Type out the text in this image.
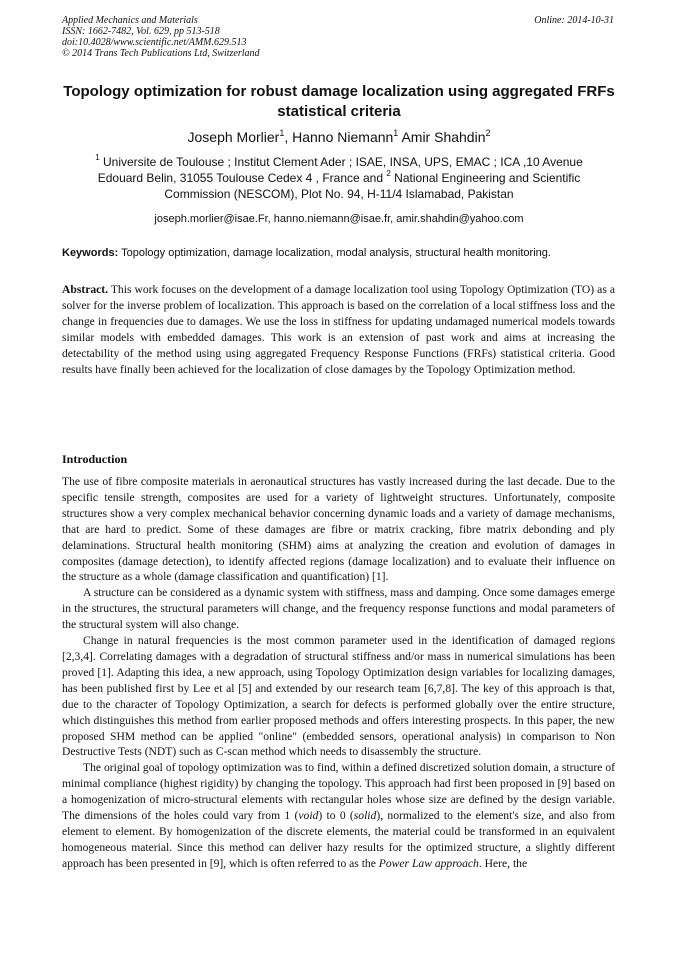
Applied Mechanics and Materials
ISSN: 1662-7482, Vol. 629, pp 513-518
doi:10.4028/www.scientific.net/AMM.629.513
© 2014 Trans Tech Publications Ltd, Switzerland
Online: 2014-10-31
Topology optimization for robust damage localization using aggregated FRFs statistical criteria
Joseph Morlier$^1$, Hanno Niemann$^1$ Amir Shahdin$^2$
$^1$ Universite de Toulouse ; Institut Clement Ader ; ISAE, INSA, UPS, EMAC ; ICA ,10 Avenue Edouard Belin, 31055 Toulouse Cedex 4 , France and $^2$ National Engineering and Scientific Commission (NESCOM), Plot No. 94, H-11/4 Islamabad, Pakistan
joseph.morlier@isae.Fr, hanno.niemann@isae.fr, amir.shahdin@yahoo.com
Keywords: Topology optimization, damage localization, modal analysis, structural health monitoring.

Abstract. This work focuses on the development of a damage localization tool using Topology Optimization (TO) as a solver for the inverse problem of localization. This approach is based on the correlation of a local stiffness loss and the change in frequencies due to damages. We use the loss in stiffness for updating undamaged numerical models towards similar models with embedded damages. This work is an extension of past work and aims at increasing the detectability of the method using using aggregated Frequency Response Functions (FRFs) statistical criteria. Good results have finally been achieved for the localization of close damages by the Topology Optimization method.

Introduction

The use of fibre composite materials in aeronautical structures has vastly increased during the last decade. Due to the specific tensile strength, composites are used for a variety of lightweight structures. Unfortunately, composite structures show a very complex mechanical behavior concerning dynamic loads and a variety of damage mechanisms, that are hard to predict. Some of these damages are fibre or matrix cracking, fibre matrix debonding and ply delaminations. Structural health monitoring (SHM) aims at analyzing the creation and evolution of damages in composites (damage detection), to identify affected regions (damage localization) and to evaluate their influence on the structure as a whole (damage classification and quantification) [1].

A structure can be considered as a dynamic system with stiffness, mass and damping. Once some damages emerge in the structures, the structural parameters will change, and the frequency response functions and modal parameters of the structural system will also change.

Change in natural frequencies is the most common parameter used in the identification of damaged regions [2,3,4]. Correlating damages with a degradation of structural stiffness and/or mass in numerical simulations has been proved [1]. Adapting this idea, a new approach, using Topology Optimization design variables for localizing damages, has been published first by Lee et al [5] and extended by our research team [6,7,8]. The key of this approach is that, due to the character of Topology Optimization, a search for defects is performed globally over the entire structure, which distinguishes this method from earlier proposed methods and offers interesting prospects. In this paper, the new proposed SHM method can be applied "online" (embedded sensors, operational analysis) in comparison to Non Destructive Tests (NDT) such as C-scan method which needs to disassembly the structure.

The original goal of topology optimization was to find, within a defined discretized solution domain, a structure of minimal compliance (highest rigidity) by changing the topology. This approach had first been proposed in [9] based on a homogenization of micro-structural elements with rectangular holes whose size are defined by the design variable. The dimensions of the holes could vary from 1 (void) to 0 (solid), normalized to the element's size, and also from element to element. By homogenization of the discrete elements, the material could be transformed in an equivalent homogeneous material. Since this method can deliver hazy results for the optimized structure, a slightly different approach has been presented in [9], which is often referred to as the Power Law approach. Here, the
